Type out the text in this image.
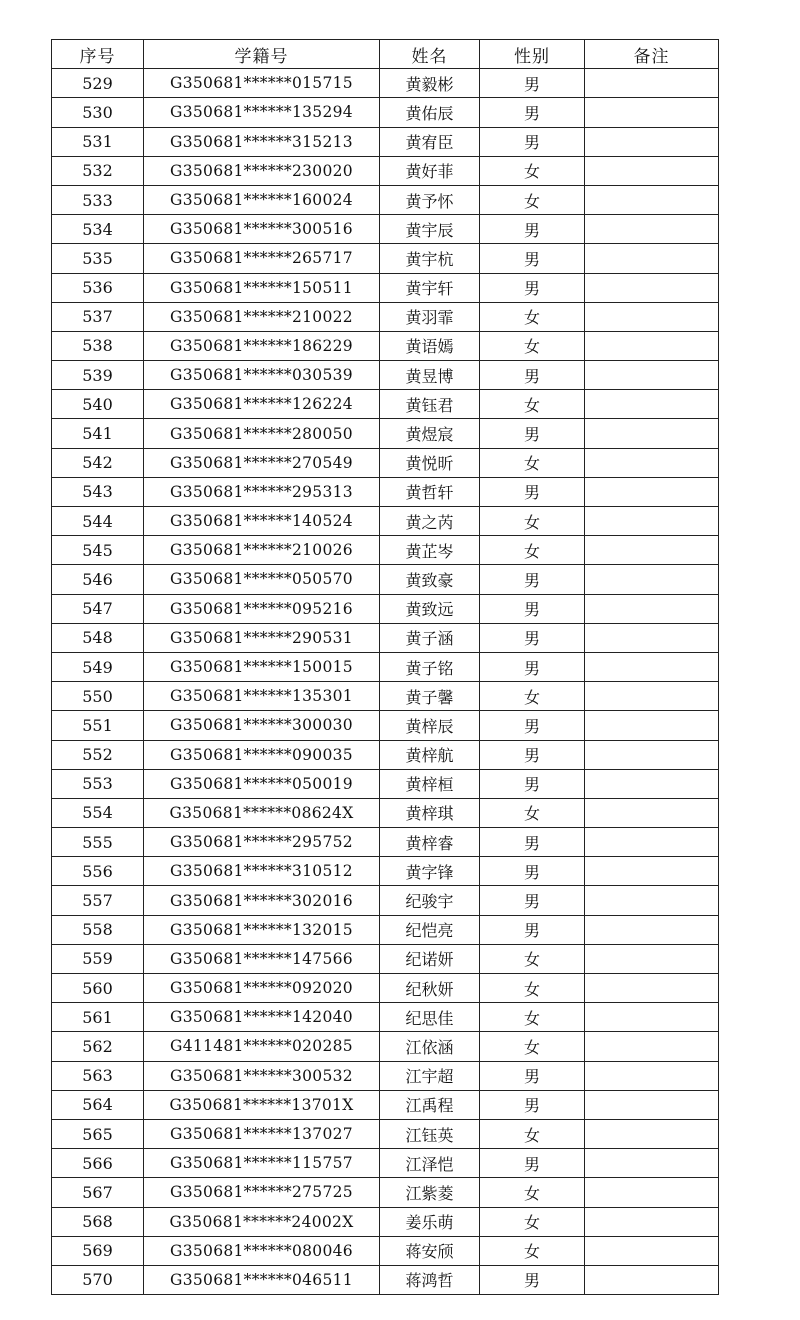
序号	学籍号	姓名	性别	备注
529	G350681******015715	黄毅彬	男	
530	G350681******135294	黄佑辰	男	
531	G350681******315213	黄宥臣	男	
532	G350681******230020	黄好菲	女	
533	G350681******160024	黄予怀	女	
534	G350681******300516	黄宇辰	男	
535	G350681******265717	黄宇杭	男	
536	G350681******150511	黄宇轩	男	
537	G350681******210022	黄羽霏	女	
538	G350681******186229	黄语嫣	女	
539	G350681******030539	黄昱博	男	
540	G350681******126224	黄钰君	女	
541	G350681******280050	黄煜宸	男	
542	G350681******270549	黄悦昕	女	
543	G350681******295313	黄哲轩	男	
544	G350681******140524	黄之芮	女	
545	G350681******210026	黄芷岑	女	
546	G350681******050570	黄致豪	男	
547	G350681******095216	黄致远	男	
548	G350681******290531	黄子涵	男	
549	G350681******150015	黄子铭	男	
550	G350681******135301	黄子馨	女	
551	G350681******300030	黄梓辰	男	
552	G350681******090035	黄梓航	男	
553	G350681******050019	黄梓桓	男	
554	G350681******08624X	黄梓琪	女	
555	G350681******295752	黄梓睿	男	
556	G350681******310512	黄字锋	男	
557	G350681******302016	纪骏宇	男	
558	G350681******132015	纪恺亮	男	
559	G350681******147566	纪诺妍	女	
560	G350681******092020	纪秋妍	女	
561	G350681******142040	纪思佳	女	
562	G411481******020285	江依涵	女	
563	G350681******300532	江宇超	男	
564	G350681******13701X	江禹程	男	
565	G350681******137027	江钰英	女	
566	G350681******115757	江泽恺	男	
567	G350681******275725	江紫菱	女	
568	G350681******24002X	姜乐萌	女	
569	G350681******080046	蒋安颀	女	
570	G350681******046511	蒋鸿哲	男	
